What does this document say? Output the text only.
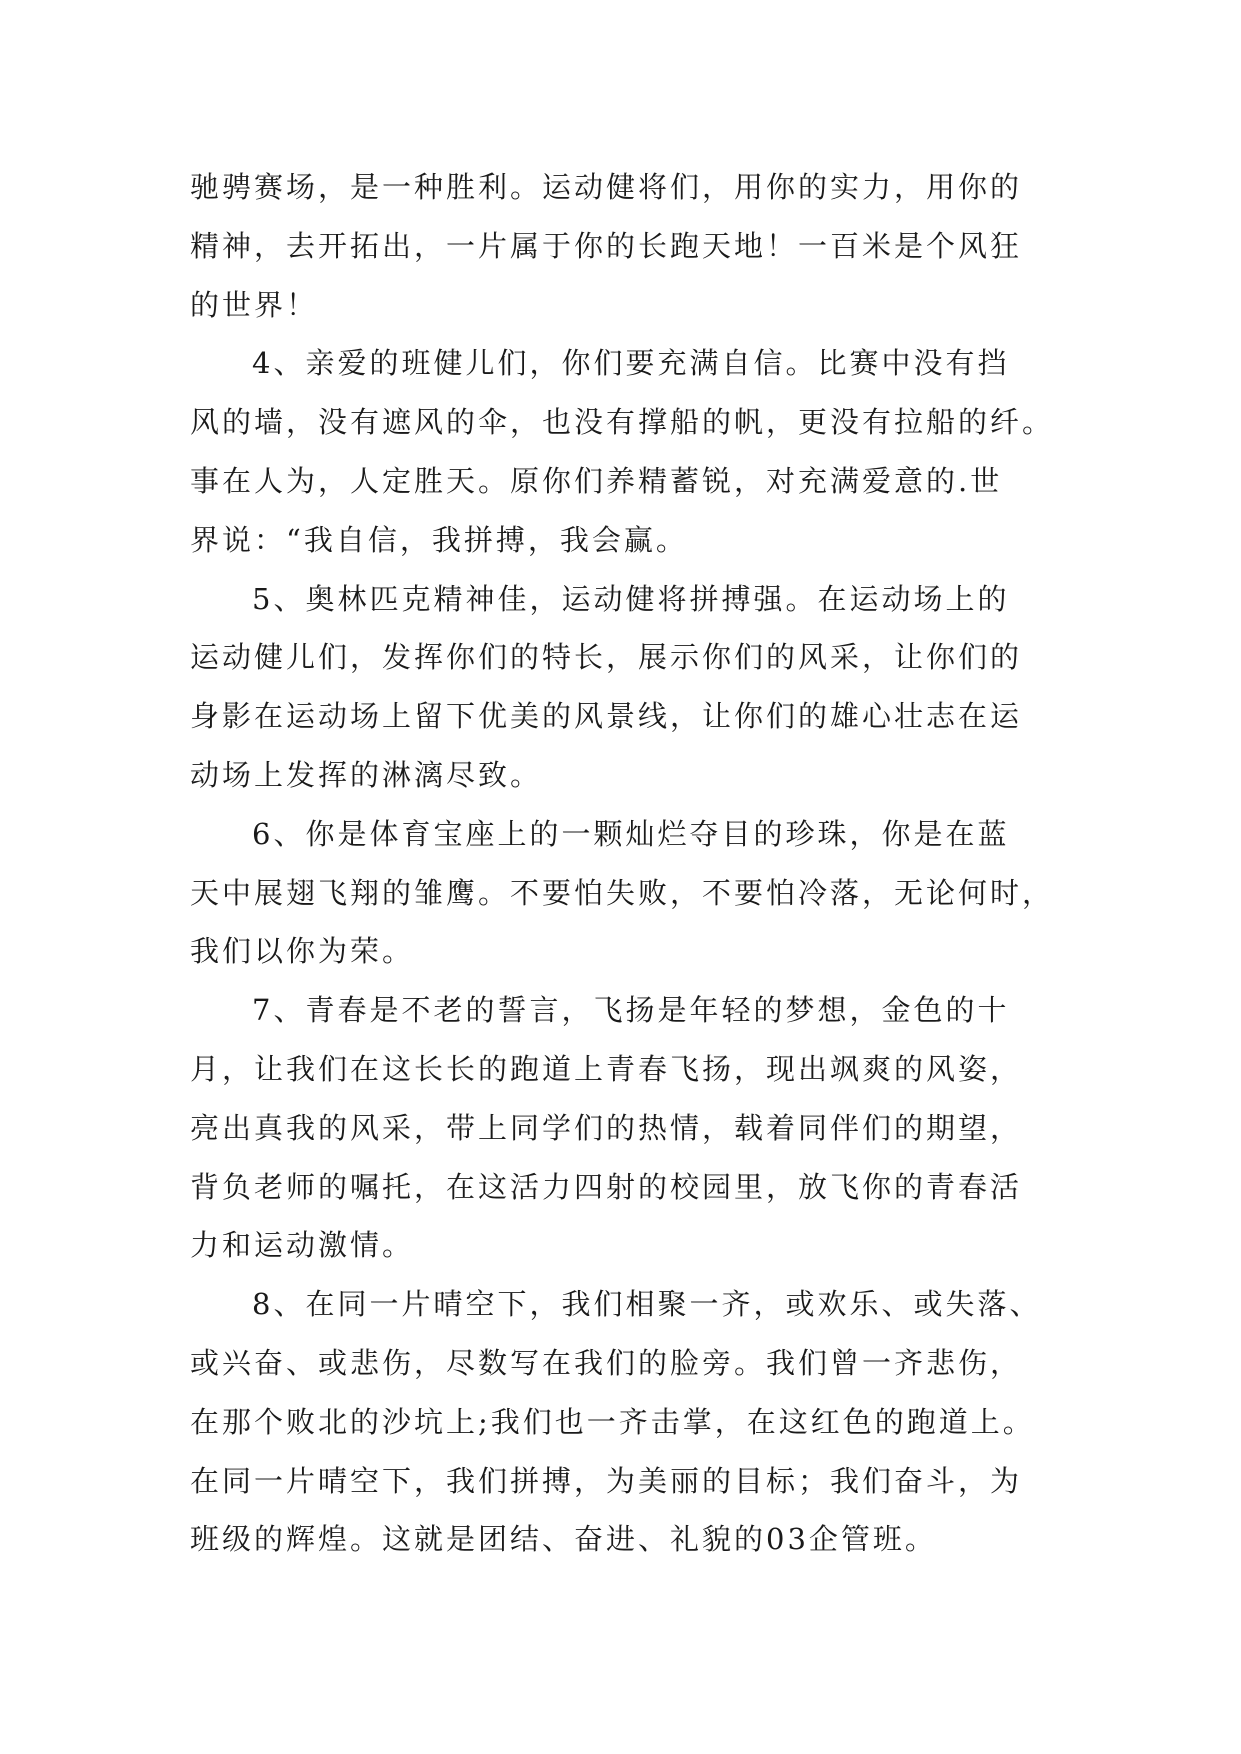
驰骋赛场，是一种胜利。运动健将们，用你的实力，用你的
精神，去开拓出，一片属于你的长跑天地！一百米是个风狂
的世界！
4、亲爱的班健儿们，你们要充满自信。比赛中没有挡
风的墙，没有遮风的伞，也没有撑船的帆，更没有拉船的纤。
事在人为，人定胜天。原你们养精蓄锐，对充满爱意的.世
界说：“我自信，我拼搏，我会赢。
5、奥林匹克精神佳，运动健将拼搏强。在运动场上的
运动健儿们，发挥你们的特长，展示你们的风采，让你们的
身影在运动场上留下优美的风景线，让你们的雄心壮志在运
动场上发挥的淋漓尽致。
6、你是体育宝座上的一颗灿烂夺目的珍珠，你是在蓝
天中展翅飞翔的雏鹰。不要怕失败，不要怕冷落，无论何时，
我们以你为荣。
7、青春是不老的誓言，飞扬是年轻的梦想，金色的十
月，让我们在这长长的跑道上青春飞扬，现出飒爽的风姿，
亮出真我的风采，带上同学们的热情，载着同伴们的期望，
背负老师的嘱托，在这活力四射的校园里，放飞你的青春活
力和运动激情。
8、在同一片晴空下，我们相聚一齐，或欢乐、或失落、
或兴奋、或悲伤，尽数写在我们的脸旁。我们曾一齐悲伤，
在那个败北的沙坑上;我们也一齐击掌，在这红色的跑道上。
在同一片晴空下，我们拼搏，为美丽的目标；我们奋斗，为
班级的辉煌。这就是团结、奋进、礼貌的03企管班。
